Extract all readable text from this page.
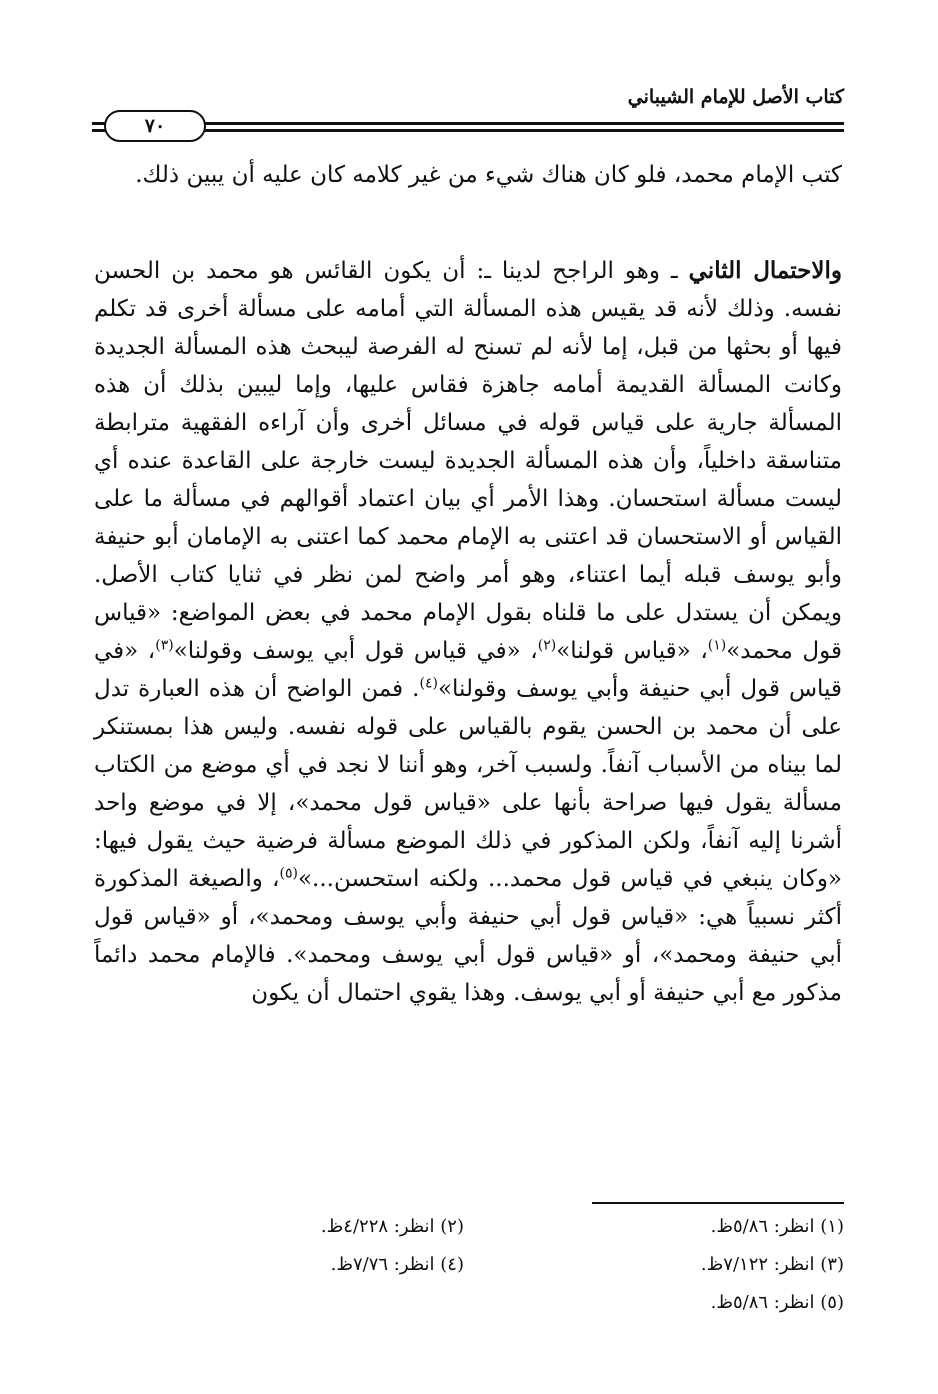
كتاب الأصل للإمام الشيباني
٧٠

كتب الإمام محمد، فلو كان هناك شيء من غير كلامه كان عليه أن يبين ذلك.

والاحتمال الثاني ـ وهو الراجح لدينا ـ: أن يكون القائس هو محمد بن الحسن نفسه. وذلك لأنه قد يقيس هذه المسألة التي أمامه على مسألة أخرى قد تكلم فيها أو بحثها من قبل، إما لأنه لم تسنح له الفرصة ليبحث هذه المسألة الجديدة وكانت المسألة القديمة أمامه جاهزة فقاس عليها، وإما ليبين بذلك أن هذه المسألة جارية على قياس قوله في مسائل أخرى وأن آراءه الفقهية مترابطة متناسقة داخلياً، وأن هذه المسألة الجديدة ليست خارجة على القاعدة عنده أي ليست مسألة استحسان. وهذا الأمر أي بيان اعتماد أقوالهم في مسألة ما على القياس أو الاستحسان قد اعتنى به الإمام محمد كما اعتنى به الإمامان أبو حنيفة وأبو يوسف قبله أيما اعتناء، وهو أمر واضح لمن نظر في ثنايا كتاب الأصل. ويمكن أن يستدل على ما قلناه بقول الإمام محمد في بعض المواضع: «قياس قول محمد»$^{(١)}$، «قياس قولنا»$^{(٢)}$، «في قياس قول أبي يوسف وقولنا»$^{(٣)}$، «في قياس قول أبي حنيفة وأبي يوسف وقولنا»$^{(٤)}$. فمن الواضح أن هذه العبارة تدل على أن محمد بن الحسن يقوم بالقياس على قوله نفسه. وليس هذا بمستنكر لما بيناه من الأسباب آنفاً. ولسبب آخر، وهو أننا لا نجد في أي موضع من الكتاب مسألة يقول فيها صراحة بأنها على «قياس قول محمد»، إلا في موضع واحد أشرنا إليه آنفاً، ولكن المذكور في ذلك الموضع مسألة فرضية حيث يقول فيها: «وكان ينبغي في قياس قول محمد... ولكنه استحسن...»$^{(٥)}$، والصيغة المذكورة أكثر نسبياً هي: «قياس قول أبي حنيفة وأبي يوسف ومحمد»، أو «قياس قول أبي حنيفة ومحمد»، أو «قياس قول أبي يوسف ومحمد». فالإمام محمد دائماً مذكور مع أبي حنيفة أو أبي يوسف. وهذا يقوي احتمال أن يكون

(١) انظر: ٥/٨٦ظ.
(٢) انظر: ٤/٢٢٨ظ.
(٣) انظر: ٧/١٢٢ظ.
(٤) انظر: ٧/٧٦ظ.
(٥) انظر: ٥/٨٦ظ.
